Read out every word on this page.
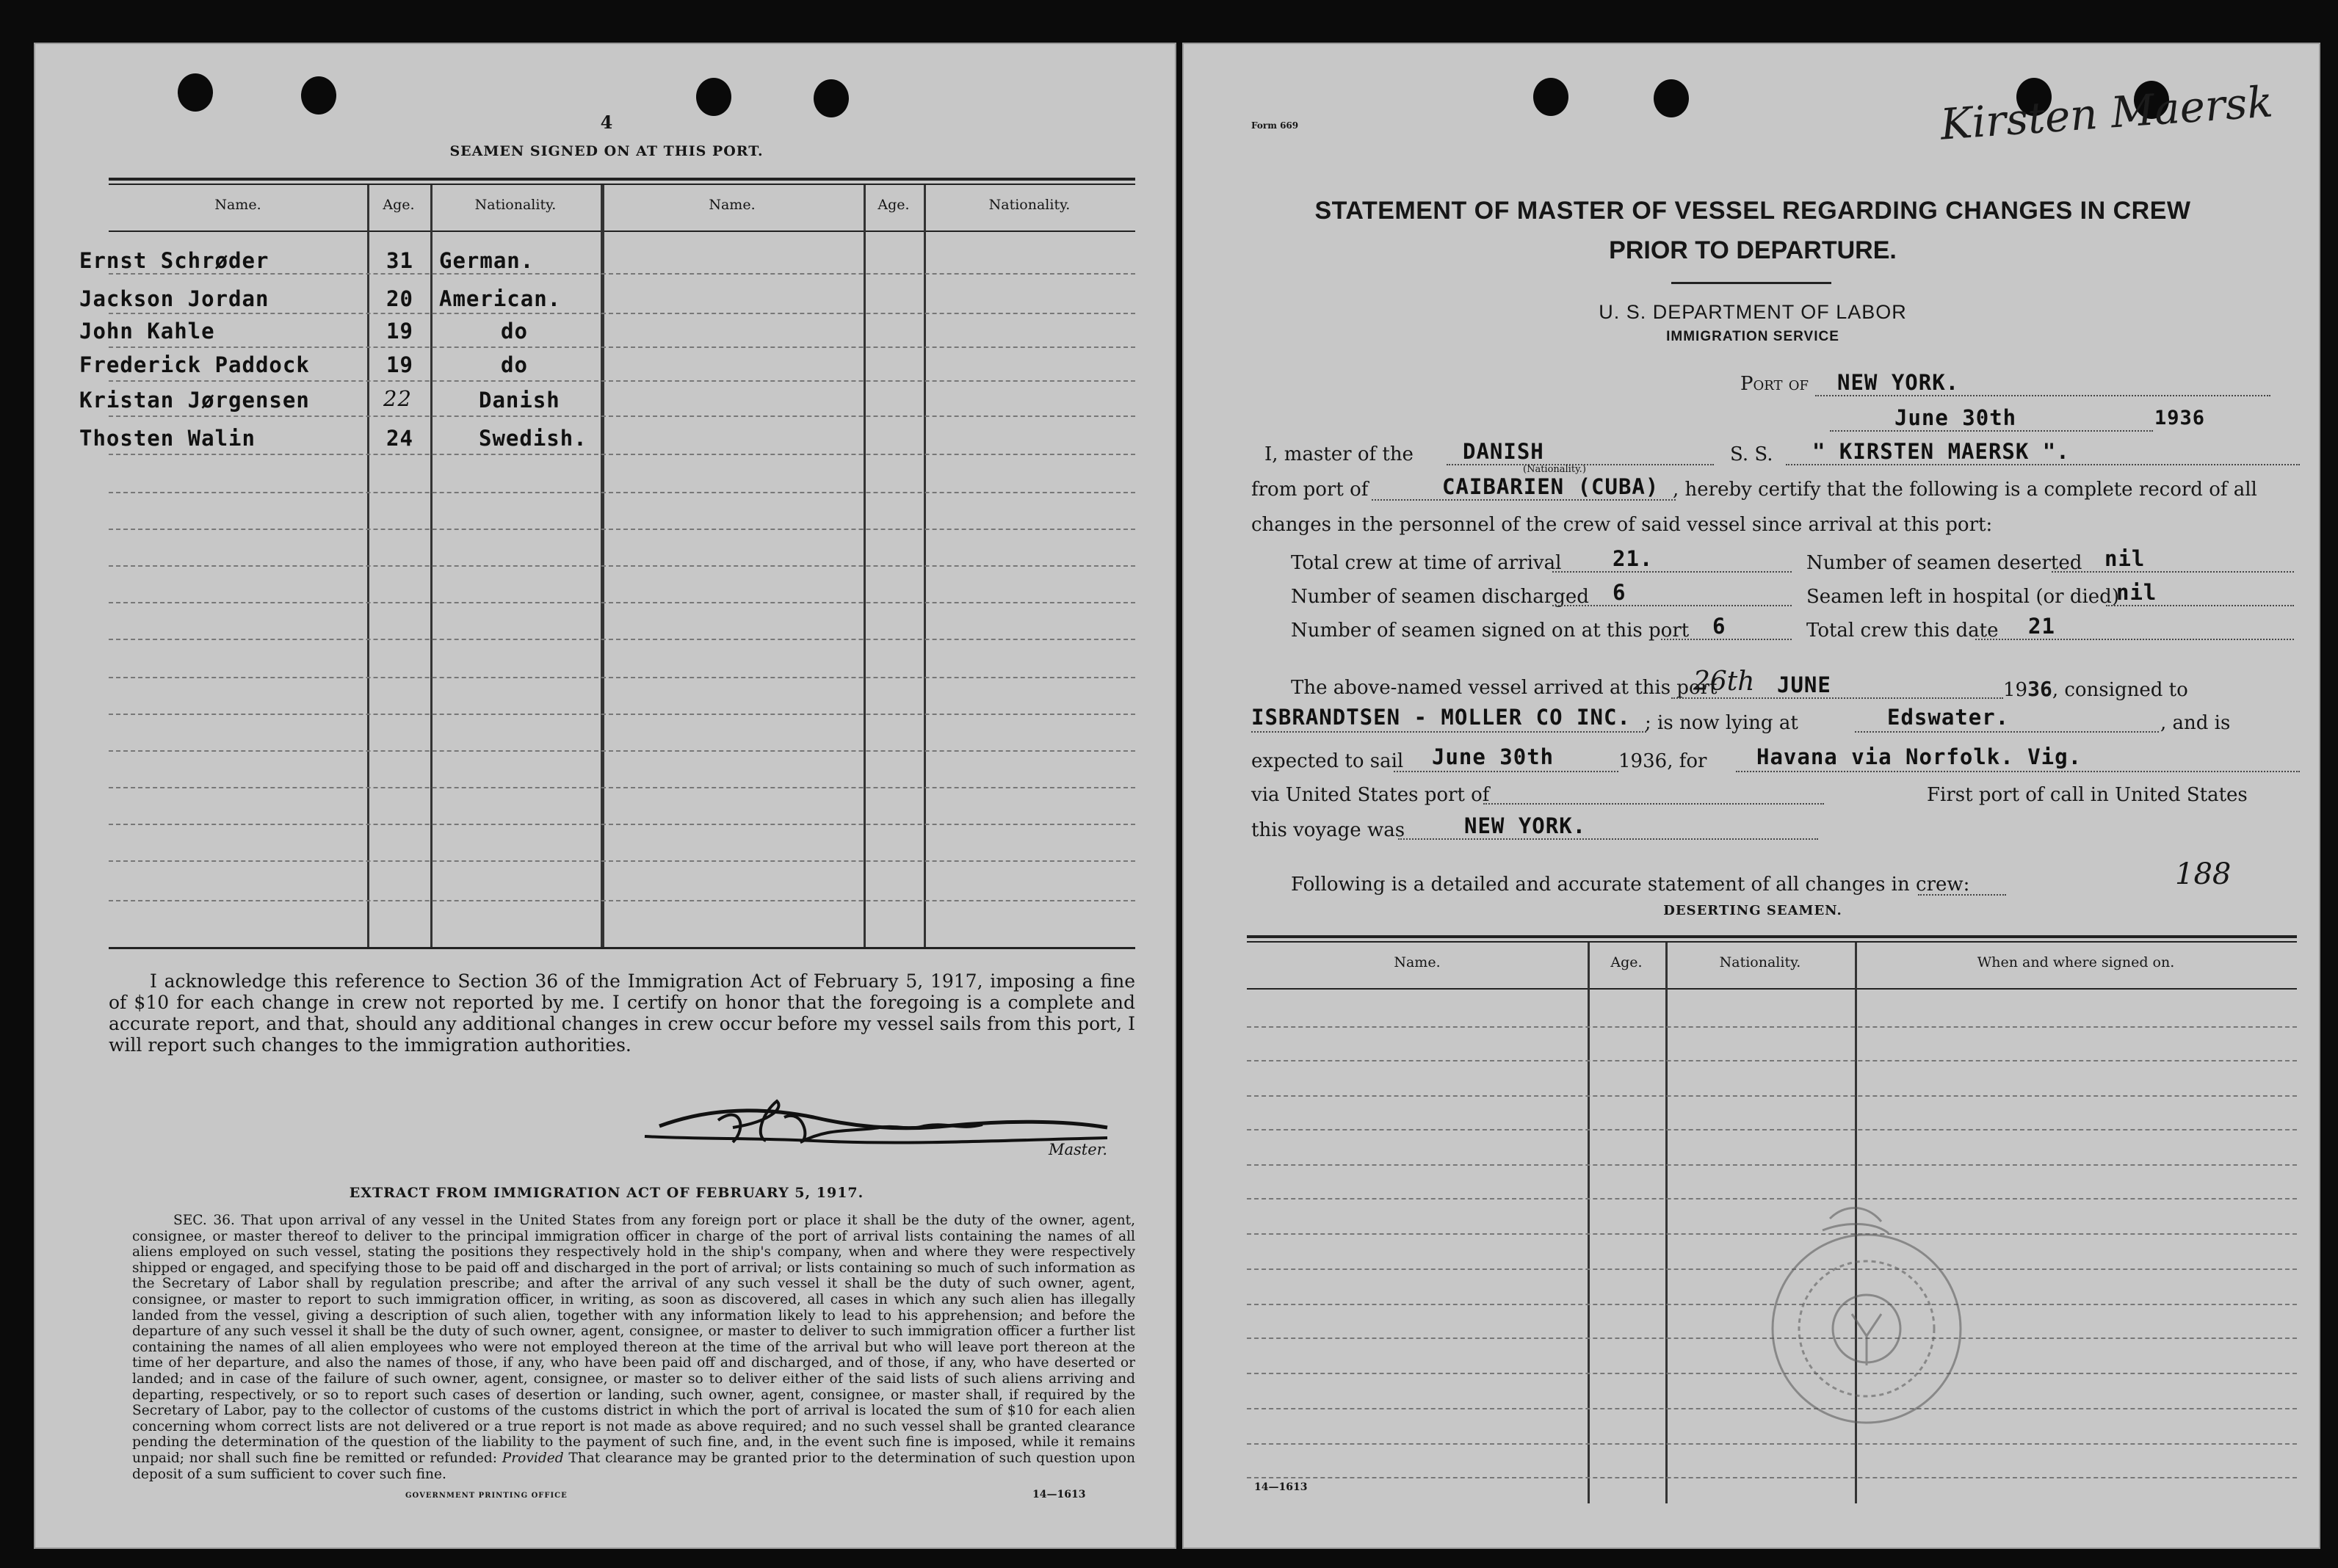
4
SEAMEN SIGNED ON AT THIS PORT.
Name.	Age.	Nationality.	Name.	Age.	Nationality.
Ernst Schrøder	31 German.
Jackson Jordan	20 American.
John Kahle	19	do
Frederick Paddock	19	do
Kristan Jørgensen	22	Danish
Thosten Walin	24	Swedish.
I acknowledge this reference to Section 36 of the Immigration Act of February 5, 1917, imposing a fine of $10 for each change in crew not reported by me. I certify on honor that the foregoing is a complete and accurate report, and that, should any additional changes in crew occur before my vessel sails from this port, I will report such changes to the immigration authorities.
Master.
EXTRACT FROM IMMIGRATION ACT OF FEBRUARY 5, 1917.
SEC. 36. That upon arrival of any vessel in the United States from any foreign port or place it shall be the duty of the owner, agent, consignee, or master thereof to deliver to the principal immigration officer in charge of the port of arrival lists containing the names of all aliens employed on such vessel, stating the positions they respectively hold in the ship's company, when and where they were respectively shipped or engaged, and specifying those to be paid off and discharged in the port of arrival; or lists containing so much of such information as the Secretary of Labor shall by regulation prescribe; and after the arrival of any such vessel it shall be the duty of such owner, agent, consignee, or master to report to such immigration officer, in writing, as soon as discovered, all cases in which any such alien has illegally landed from the vessel, giving a description of such alien, together with any information likely to lead to his apprehension; and before the departure of any such vessel it shall be the duty of such owner, agent, consignee, or master to deliver to such immigration officer a further list containing the names of all alien employees who were not employed thereon at the time of the arrival but who will leave port thereon at the time of her departure, and also the names of those, if any, who have been paid off and discharged, and of those, if any, who have deserted or landed; and in case of the failure of such owner, agent, consignee, or master so to deliver either of the said lists of such aliens arriving and departing, respectively, or so to report such cases of desertion or landing, such owner, agent, consignee, or master shall, if required by the Secretary of Labor, pay to the collector of customs of the customs district in which the port of arrival is located the sum of $10 for each alien concerning whom correct lists are not delivered or a true report is not made as above required; and no such vessel shall be granted clearance pending the determination of the question of the liability to the payment of such fine, and, in the event such fine is imposed, while it remains unpaid; nor shall such fine be remitted or refunded: Provided That clearance may be granted prior to the determination of such question upon deposit of a sum sufficient to cover such fine.
GOVERNMENT PRINTING OFFICE	14—1613
Form 669	Kirsten Maersk
STATEMENT OF MASTER OF VESSEL REGARDING CHANGES IN CREW
PRIOR TO DEPARTURE.
U. S. DEPARTMENT OF LABOR
IMMIGRATION SERVICE
Port of NEW YORK.
June 30th	1936
I, master of the DANISH
(Nationality.)
S. S. " KIRSTEN MAERSK ".
from port of	CAIBARIEN (CUBA) , hereby certify that the following is a complete record of all
changes in the personnel of the crew of said vessel since arrival at this port:
Total crew at time of arrival 21.	Number of seamen deserted nil
Number of seamen discharged 6	Seamen left in hospital (or died)
nil
Number of seamen signed on at this port 6	Total crew this date 21
The above-named vessel arrived at this port
26th JUNE	1936, consigned to
ISBRANDTSEN - MOLLER CO INC. ; is now lying at	Edswater.	, and is
expected to sail June 30th	1936, for Havana via Norfolk. Vig.
via United States port of	First port of call in United States
this voyage was	NEW YORK.
Following is a detailed and accurate statement of all changes in crew:	188
DESERTING SEAMEN.
Name.	Age.	Nationality.	When and where signed on.
14—1613
